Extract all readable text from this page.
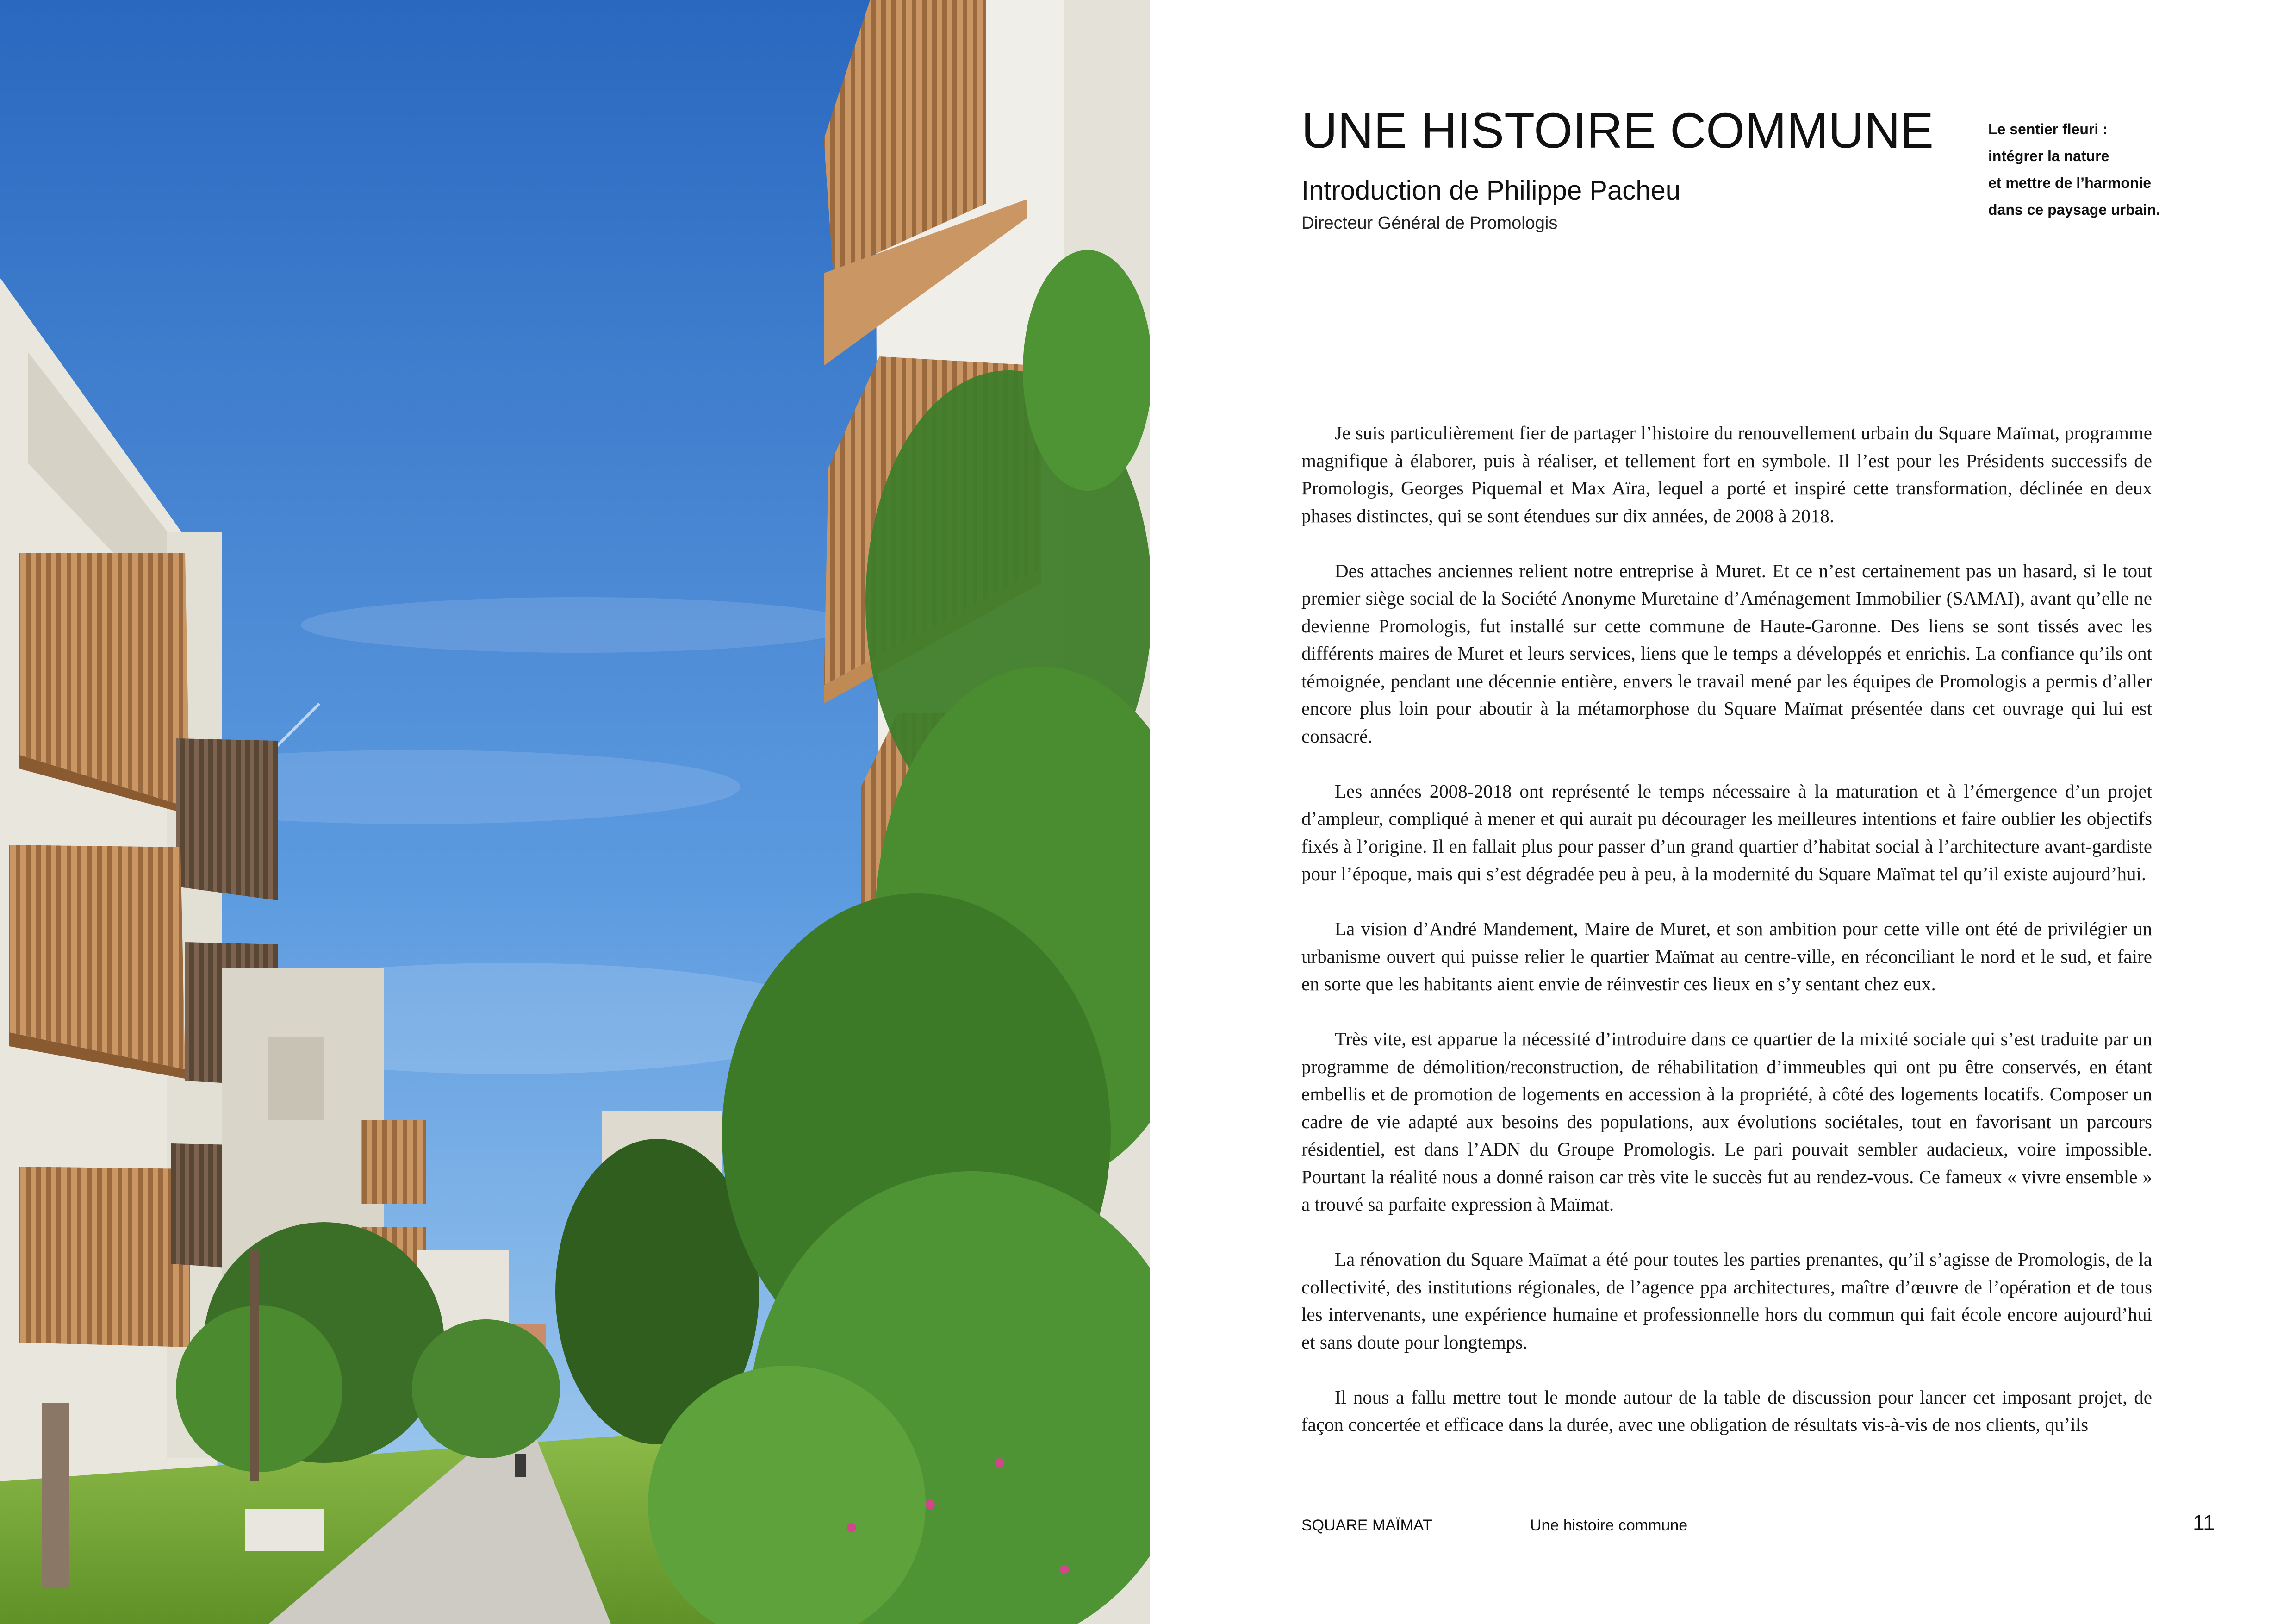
UNE HISTOIRE COMMUNE

Introduction de Philippe Pacheu

Directeur Général de Promologis

Le sentier fleuri :
intégrer la nature
et mettre de l’harmonie
dans ce paysage urbain.

Je suis particulièrement fier de partager l’histoire du renouvellement urbain du Square Maïmat, programme magnifique à élaborer, puis à réaliser, et tellement fort en symbole. Il l’est pour les Présidents successifs de Promologis, Georges Piquemal et Max Aïra, lequel a porté et inspiré cette transformation, déclinée en deux phases distinctes, qui se sont étendues sur dix années, de 2008 à 2018.

Des attaches anciennes relient notre entreprise à Muret. Et ce n’est certainement pas un hasard, si le tout premier siège social de la Société Anonyme Muretaine d’Aménagement Immobilier (SAMAI), avant qu’elle ne devienne Promologis, fut installé sur cette commune de Haute-Garonne. Des liens se sont tissés avec les différents maires de Muret et leurs services, liens que le temps a développés et enrichis. La confiance qu’ils ont témoignée, pendant une décennie entière, envers le travail mené par les équipes de Promologis a permis d’aller encore plus loin pour aboutir à la métamorphose du Square Maïmat présentée dans cet ouvrage qui lui est consacré.

Les années 2008-2018 ont représenté le temps nécessaire à la maturation et à l’émergence d’un projet d’ampleur, compliqué à mener et qui aurait pu décourager les meilleures intentions et faire oublier les objectifs fixés à l’origine. Il en fallait plus pour passer d’un grand quartier d’habitat social à l’architecture avant-gardiste pour l’époque, mais qui s’est dégradée peu à peu, à la modernité du Square Maïmat tel qu’il existe aujourd’hui.

La vision d’André Mandement, Maire de Muret, et son ambition pour cette ville ont été de privilégier un urbanisme ouvert qui puisse relier le quartier Maïmat au centre-ville, en réconciliant le nord et le sud, et faire en sorte que les habitants aient envie de réinvestir ces lieux en s’y sentant chez eux.

Très vite, est apparue la nécessité d’introduire dans ce quartier de la mixité sociale qui s’est traduite par un programme de démolition/reconstruction, de réhabilitation d’immeubles qui ont pu être conservés, en étant embellis et de promotion de logements en accession à la propriété, à côté des logements locatifs. Composer un cadre de vie adapté aux besoins des populations, aux évolutions sociétales, tout en favorisant un parcours résidentiel, est dans l’ADN du Groupe Promologis. Le pari pouvait sembler audacieux, voire impossible. Pourtant la réalité nous a donné raison car très vite le succès fut au rendez-vous. Ce fameux « vivre ensemble » a trouvé sa parfaite expression à Maïmat.

La rénovation du Square Maïmat a été pour toutes les parties prenantes, qu’il s’agisse de Promologis, de la collectivité, des institutions régionales, de l’agence ppa architectures, maître d’œuvre de l’opération et de tous les intervenants, une expérience humaine et professionnelle hors du commun qui fait école encore aujourd’hui et sans doute pour longtemps.

Il nous a fallu mettre tout le monde autour de la table de discussion pour lancer cet imposant projet, de façon concertée et efficace dans la durée, avec une obligation de résultats vis-à-vis de nos clients, qu’ils

SQUARE MAÏMAT	Une histoire commune	11
